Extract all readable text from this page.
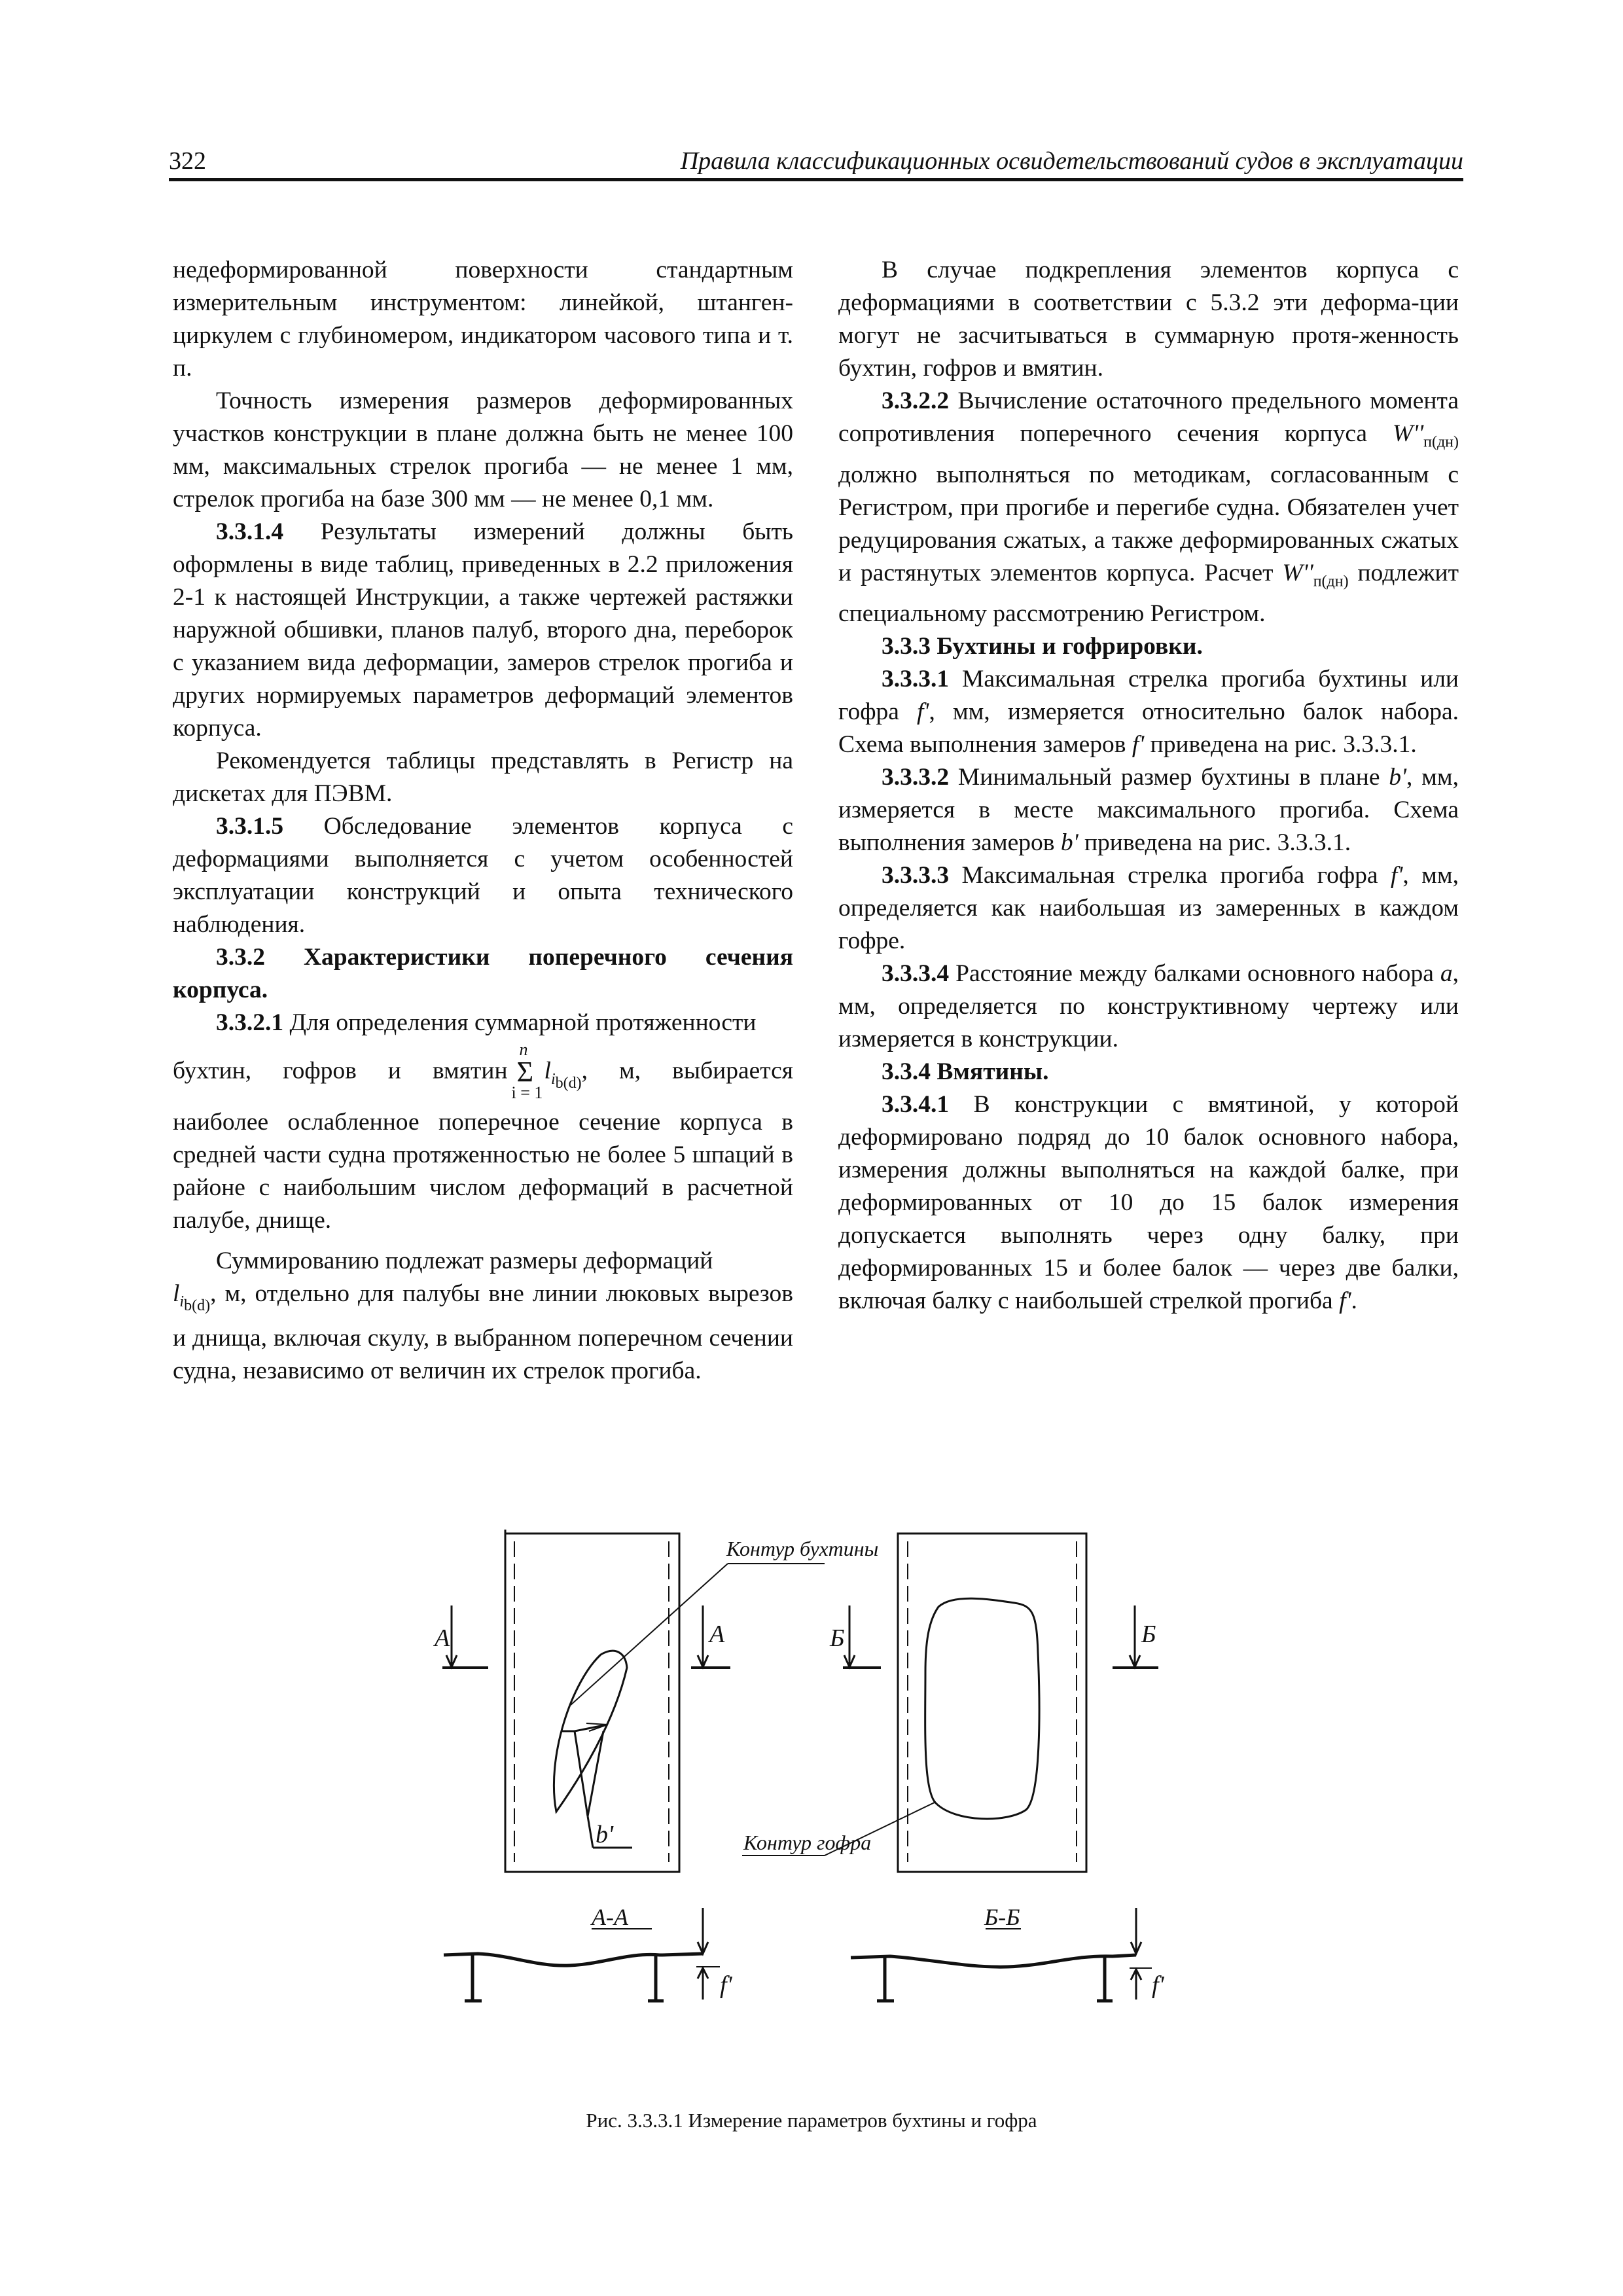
322	Правила классификационных освидетельствований судов в эксплуатации

недеформированной поверхности стандартным измерительным инструментом: линейкой, штанген-циркулем с глубиномером, индикатором часового типа и т. п.

Точность измерения размеров деформированных участков конструкции в плане должна быть не менее 100 мм, максимальных стрелок прогиба — не менее 1 мм, стрелок прогиба на базе 300 мм — не менее 0,1 мм.

3.3.1.4 Результаты измерений должны быть оформлены в виде таблиц, приведенных в 2.2 приложения 2-1 к настоящей Инструкции, а также чертежей растяжки наружной обшивки, планов палуб, второго дна, переборок с указанием вида деформации, замеров стрелок прогиба и других нормируемых параметров деформаций элементов корпуса.

Рекомендуется таблицы представлять в Регистр на дискетах для ПЭВМ.

3.3.1.5 Обследование элементов корпуса с деформациями выполняется с учетом особенностей эксплуатации конструкций и опыта технического наблюдения.

3.3.2 Характеристики поперечного сечения корпуса.

3.3.2.1 Для определения суммарной протяженности

бухтин, гофров и вмятин
n
Σ
i = 1
$l_{i_{b(d)}}$, м, выбирается

наиболее ослабленное поперечное сечение корпуса в средней части судна протяженностью не более 5 шпаций в районе с наибольшим числом деформаций в расчетной палубе, днище.

Суммированию подлежат размеры деформаций

$l_{i_{b(d)}}$, м, отдельно для палубы вне линии люковых вырезов и днища, включая скулу, в выбранном поперечном сечении судна, независимо от величин их стрелок прогиба.

В случае подкрепления элементов корпуса с деформациями в соответствии с 5.3.2 эти деформа-ции могут не засчитываться в суммарную протя-женность бухтин, гофров и вмятин.

3.3.2.2 Вычисление остаточного предельного момента сопротивления поперечного сечения корпуса $W''_{п(дн)}$ должно выполняться по методикам, согласованным с Регистром, при прогибе и перегибе судна. Обязателен учет редуцирования сжатых, а также деформированных сжатых и растянутых элементов корпуса. Расчет $W''_{п(дн)}$ подлежит специальному рассмотрению Регистром.

3.3.3 Бухтины и гофрировки.

3.3.3.1 Максимальная стрелка прогиба бухтины или гофра f', мм, измеряется относительно балок набора. Схема выполнения замеров f' приведена на рис. 3.3.3.1.

3.3.3.2 Минимальный размер бухтины в плане b', мм, измеряется в месте максимального прогиба. Схема выполнения замеров b' приведена на рис. 3.3.3.1.

3.3.3.3 Максимальная стрелка прогиба гофра f', мм, определяется как наибольшая из замеренных в каждом гофре.

3.3.3.4 Расстояние между балками основного набора a, мм, определяется по конструктивному чертежу или измеряется в конструкции.

3.3.4 Вмятины.

3.3.4.1 В конструкции с вмятиной, у которой деформировано подряд до 10 балок основного набора, измерения должны выполняться на каждой балке, при деформированных от 10 до 15 балок измерения допускается выполнять через одну балку, при деформированных 15 и более балок — через две балки, включая балку с наибольшей стрелкой прогиба f'.

Контур бухтины
Контур гофра
А	А	Б	Б
b'
А-А	Б-Б
f'	f'
Рис. 3.3.3.1 Измерение параметров бухтины и гофра
